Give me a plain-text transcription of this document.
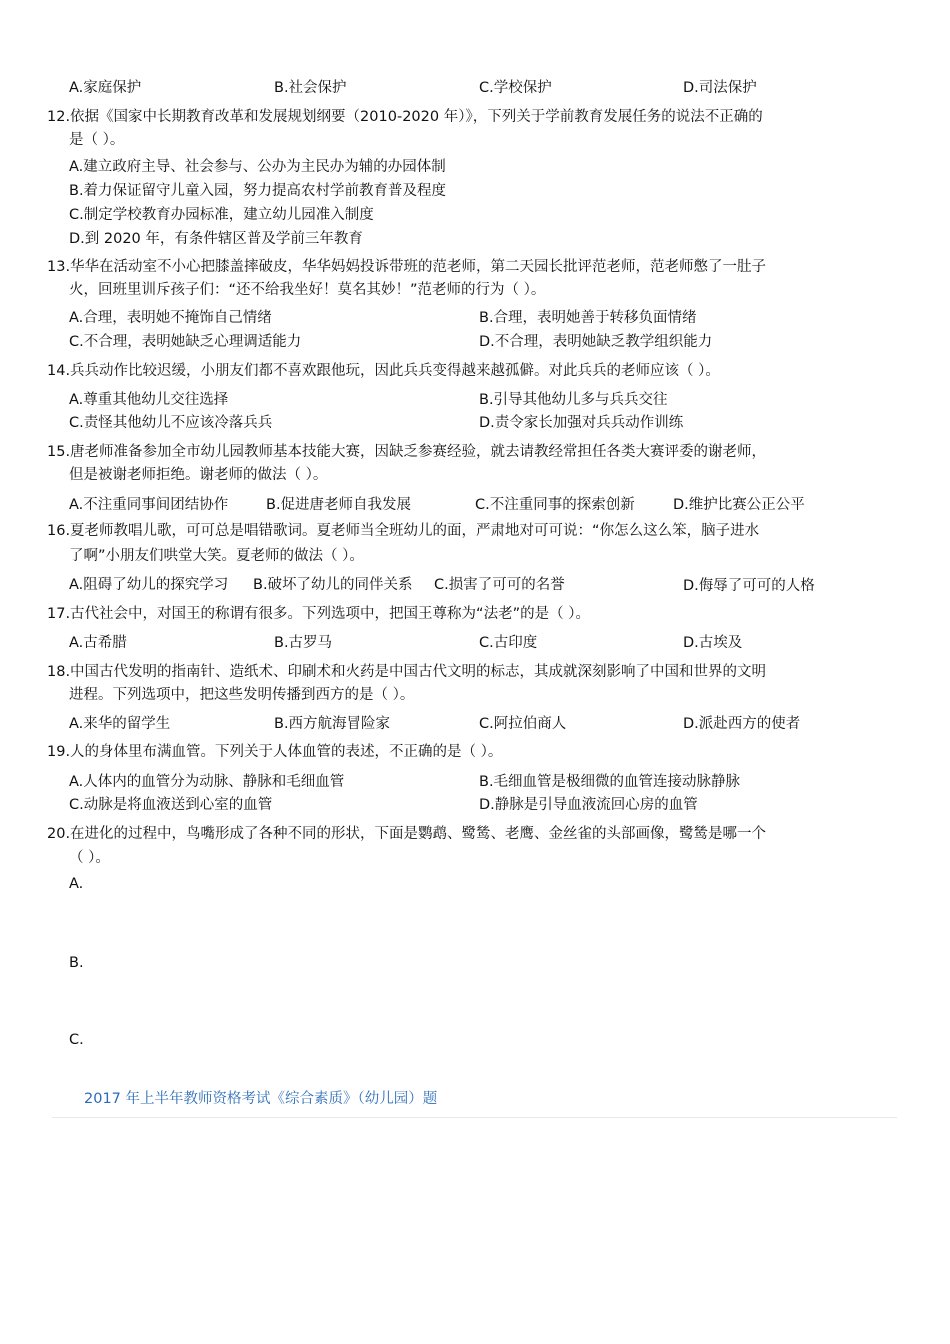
A.家庭保护	B.社会保护	C.学校保护	D.司法保护
12.依据《国家中长期教育改革和发展规划纲要（2010-2020 年）》，下列关于学前教育发展任务的说法不正确的
是（ ）。
A.建立政府主导、社会参与、公办为主民办为辅的办园体制
B.着力保证留守儿童入园，努力提高农村学前教育普及程度
C.制定学校教育办园标准，建立幼儿园准入制度
D.到 2020 年，有条件辖区普及学前三年教育
13.华华在活动室不小心把膝盖摔破皮，华华妈妈投诉带班的范老师，第二天园长批评范老师，范老师憋了一肚子
火，回班里训斥孩子们：“还不给我坐好！莫名其妙！”范老师的行为（ ）。
A.合理，表明她不掩饰自己情绪	B.合理，表明她善于转移负面情绪
C.不合理，表明她缺乏心理调适能力	D.不合理，表明她缺乏教学组织能力
14.兵兵动作比较迟缓，小朋友们都不喜欢跟他玩，因此兵兵变得越来越孤僻。对此兵兵的老师应该（ ）。
A.尊重其他幼儿交往选择	B.引导其他幼儿多与兵兵交往
C.责怪其他幼儿不应该冷落兵兵	D.责令家长加强对兵兵动作训练
15.唐老师准备参加全市幼儿园教师基本技能大赛，因缺乏参赛经验，就去请教经常担任各类大赛评委的谢老师，
但是被谢老师拒绝。谢老师的做法（ ）。
A.不注重同事间团结协作	B.促进唐老师自我发展	C.不注重同事的探索创新	D.维护比赛公正公平
16.夏老师教唱儿歌，可可总是唱错歌词。夏老师当全班幼儿的面，严肃地对可可说：“你怎么这么笨，脑子进水
了啊”小朋友们哄堂大笑。夏老师的做法（ ）。
A.阻碍了幼儿的探究学习 B.破坏了幼儿的同伴关系 C.损害了可可的名誉	D.侮辱了可可的人格
17.古代社会中，对国王的称谓有很多。下列选项中，把国王尊称为“法老”的是（ ）。
A.古希腊	B.古罗马	C.古印度	D.古埃及
18.中国古代发明的指南针、造纸术、印刷术和火药是中国古代文明的标志，其成就深刻影响了中国和世界的文明
进程。下列选项中，把这些发明传播到西方的是（ ）。
A.来华的留学生	B.西方航海冒险家	C.阿拉伯商人	D.派赴西方的使者
19.人的身体里布满血管。下列关于人体血管的表述，不正确的是（ ）。
A.人体内的血管分为动脉、静脉和毛细血管	B.毛细血管是极细微的血管连接动脉静脉
C.动脉是将血液送到心室的血管	D.静脉是引导血液流回心房的血管
20.在进化的过程中，鸟嘴形成了各种不同的形状，下面是鹦鹉、鹭鸶、老鹰、金丝雀的头部画像，鹭鸶是哪一个
（ ）。
A.
B.
C.
2017 年上半年教师资格考试《综合素质》（幼儿园）题
